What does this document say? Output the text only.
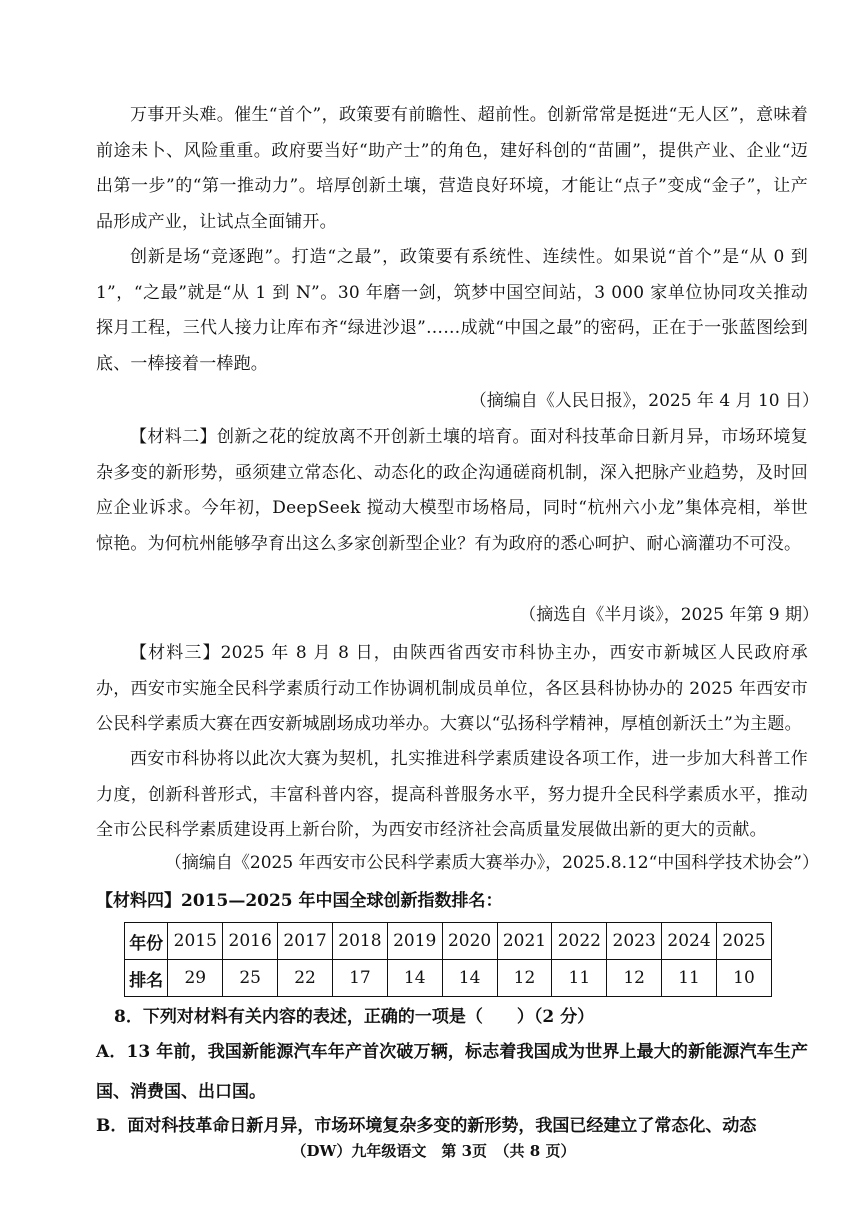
万事开头难。催生“首个”，政策要有前瞻性、超前性。创新常常是挺进“无人区”，意味着前途未卜、风险重重。政府要当好“助产士”的角色，建好科创的“苗圃”，提供产业、企业“迈出第一步”的“第一推动力”。培厚创新土壤，营造良好环境，才能让“点子”变成“金子”，让产品形成产业，让试点全面铺开。
创新是场“竞逐跑”。打造“之最”，政策要有系统性、连续性。如果说“首个”是“从 0 到 1”，“之最”就是“从 1 到 N”。30 年磨一剑，筑梦中国空间站，3 000 家单位协同攻关推动探月工程，三代人接力让库布齐“绿进沙退”……成就“中国之最”的密码，正在于一张蓝图绘到底、一棒接着一棒跑。
（摘编自《人民日报》，2025 年 4 月 10 日）
【材料二】创新之花的绽放离不开创新土壤的培育。面对科技革命日新月异，市场环境复杂多变的新形势，亟须建立常态化、动态化的政企沟通磋商机制，深入把脉产业趋势，及时回应企业诉求。今年初，DeepSeek 搅动大模型市场格局，同时“杭州六小龙”集体亮相，举世惊艳。为何杭州能够孕育出这么多家创新型企业？有为政府的悉心呵护、耐心滴灌功不可没。
（摘选自《半月谈》，2025 年第 9 期）
【材料三】2025 年 8 月 8 日，由陕西省西安市科协主办，西安市新城区人民政府承办，西安市实施全民科学素质行动工作协调机制成员单位，各区县科协协办的 2025 年西安市公民科学素质大赛在西安新城剧场成功举办。大赛以“弘扬科学精神，厚植创新沃土”为主题。
西安市科协将以此次大赛为契机，扎实推进科学素质建设各项工作，进一步加大科普工作力度，创新科普形式，丰富科普内容，提高科普服务水平，努力提升全民科学素质水平，推动全市公民科学素质建设再上新台阶，为西安市经济社会高质量发展做出新的更大的贡献。
（摘编自《2025 年西安市公民科学素质大赛举办》，2025.8.12“中国科学技术协会”）
【材料四】2015—2025 年中国全球创新指数排名：
年份	2015	2016	2017	2018	2019	2020	2021	2022	2023	2024	2025
排名	29	25	22	17	14	14	12	11	12	11	10
8．下列对材料有关内容的表述，正确的一项是（　　）（2 分）
A．13 年前，我国新能源汽车年产首次破万辆，标志着我国成为世界上最大的新能源汽车生产国、消费国、出口国。
B．面对科技革命日新月异，市场环境复杂多变的新形势，我国已经建立了常态化、动态
（DW）九年级语文　第 3页　（共 8 页）
